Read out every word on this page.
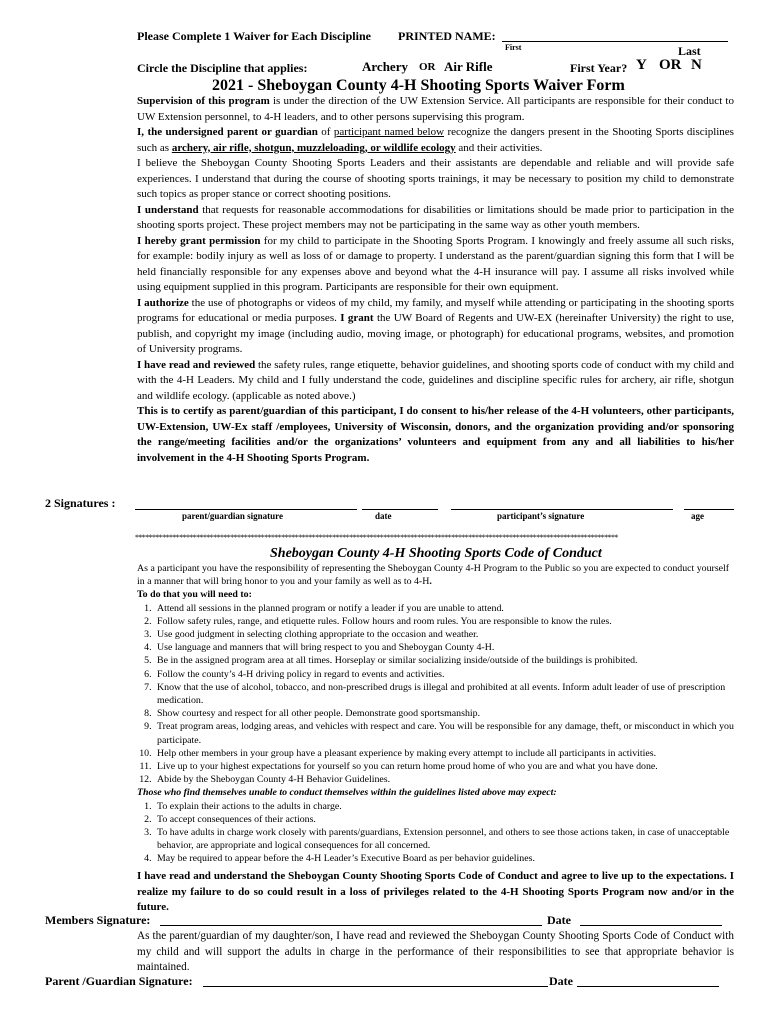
Please Complete 1 Waiver for Each Discipline PRINTED NAME:
First	Last
Circle the Discipline that applies:	Archery OR Air Rifle	First Year? Y OR N
2021 - Sheboygan County 4-H Shooting Sports Waiver Form

Supervision of this program is under the direction of the UW Extension Service. All participants are responsible for their conduct to UW Extension personnel, to 4-H leaders, and to other persons supervising this program.

I, the undersigned parent or guardian of participant named below recognize the dangers present in the Shooting Sports disciplines such as archery, air rifle, shotgun, muzzleloading, or wildlife ecology and their activities.

I believe the Sheboygan County Shooting Sports Leaders and their assistants are dependable and reliable and will provide safe experiences. I understand that during the course of shooting sports trainings, it may be necessary to position my child to demonstrate such topics as proper stance or correct shooting positions.

I understand that requests for reasonable accommodations for disabilities or limitations should be made prior to participation in the shooting sports project. These project members may not be participating in the same way as other youth members.

I hereby grant permission for my child to participate in the Shooting Sports Program. I knowingly and freely assume all such risks, for example: bodily injury as well as loss of or damage to property. I understand as the parent/guardian signing this form that I will be held financially responsible for any expenses above and beyond what the 4-H insurance will pay. I assume all risks involved while using equipment supplied in this program. Participants are responsible for their own equipment.

I authorize the use of photographs or videos of my child, my family, and myself while attending or participating in the shooting sports programs for educational or media purposes. I grant the UW Board of Regents and UW-EX (hereinafter University) the right to use, publish, and copyright my image (including audio, moving image, or photograph) for educational programs, websites, and promotion of University programs.

I have read and reviewed the safety rules, range etiquette, behavior guidelines, and shooting sports code of conduct with my child and with the 4-H Leaders. My child and I fully understand the code, guidelines and discipline specific rules for archery, air rifle, shotgun and wildlife ecology. (applicable as noted above.)

This is to certify as parent/guardian of this participant, I do consent to his/her release of the 4-H volunteers, other participants, UW-Extension, UW-Ex staff /employees, University of Wisconsin, donors, and the organization providing and/or sponsoring the range/meeting facilities and/or the organizations’ volunteers and equipment from any and all liabilities to his/her involvement in the 4-H Shooting Sports Program.

2 Signatures :
parent/guardian signature	date	participant’s signature	age
**********************************************************************************************************************************************
Sheboygan County 4-H Shooting Sports Code of Conduct

As a participant you have the responsibility of representing the Sheboygan County 4-H Program to the Public so you are expected to conduct yourself in a manner that will bring honor to you and your family as well as to 4-H.

To do that you will need to:

1. Attend all sessions in the planned program or notify a leader if you are unable to attend.
2. Follow safety rules, range, and etiquette rules. Follow hours and room rules. You are responsible to know the rules.
3. Use good judgment in selecting clothing appropriate to the occasion and weather.
4. Use language and manners that will bring respect to you and Sheboygan County 4-H.
5. Be in the assigned program area at all times. Horseplay or similar socializing inside/outside of the buildings is prohibited.
6. Follow the county’s 4-H driving policy in regard to events and activities.
7. Know that the use of alcohol, tobacco, and non-prescribed drugs is illegal and prohibited at all events. Inform adult leader of use of prescription medication.
8. Show courtesy and respect for all other people. Demonstrate good sportsmanship.
9. Treat program areas, lodging areas, and vehicles with respect and care. You will be responsible for any damage, theft, or misconduct in which you participate.
10. Help other members in your group have a pleasant experience by making every attempt to include all participants in activities.
11. Live up to your highest expectations for yourself so you can return home proud home of who you are and what you have done.
12. Abide by the Sheboygan County 4-H Behavior Guidelines.

Those who find themselves unable to conduct themselves within the guidelines listed above may expect:

1. To explain their actions to the adults in charge.
2. To accept consequences of their actions.
3. To have adults in charge work closely with parents/guardians, Extension personnel, and others to see those actions taken, in case of unacceptable behavior, are appropriate and logical consequences for all concerned.
4. May be required to appear before the 4-H Leader’s Executive Board as per behavior guidelines.
I have read and understand the Sheboygan County Shooting Sports Code of Conduct and agree to live up to the expectations. I realize my failure to do so could result in a loss of privileges related to the 4-H Shooting Sports Program now and/or in the future.
Members Signature:	Date
As the parent/guardian of my daughter/son, I have read and reviewed the Sheboygan County Shooting Sports Code of Conduct with my child and will support the adults in charge in the performance of their responsibilities to see that appropriate behavior is maintained.
Parent /Guardian Signature:	Date
